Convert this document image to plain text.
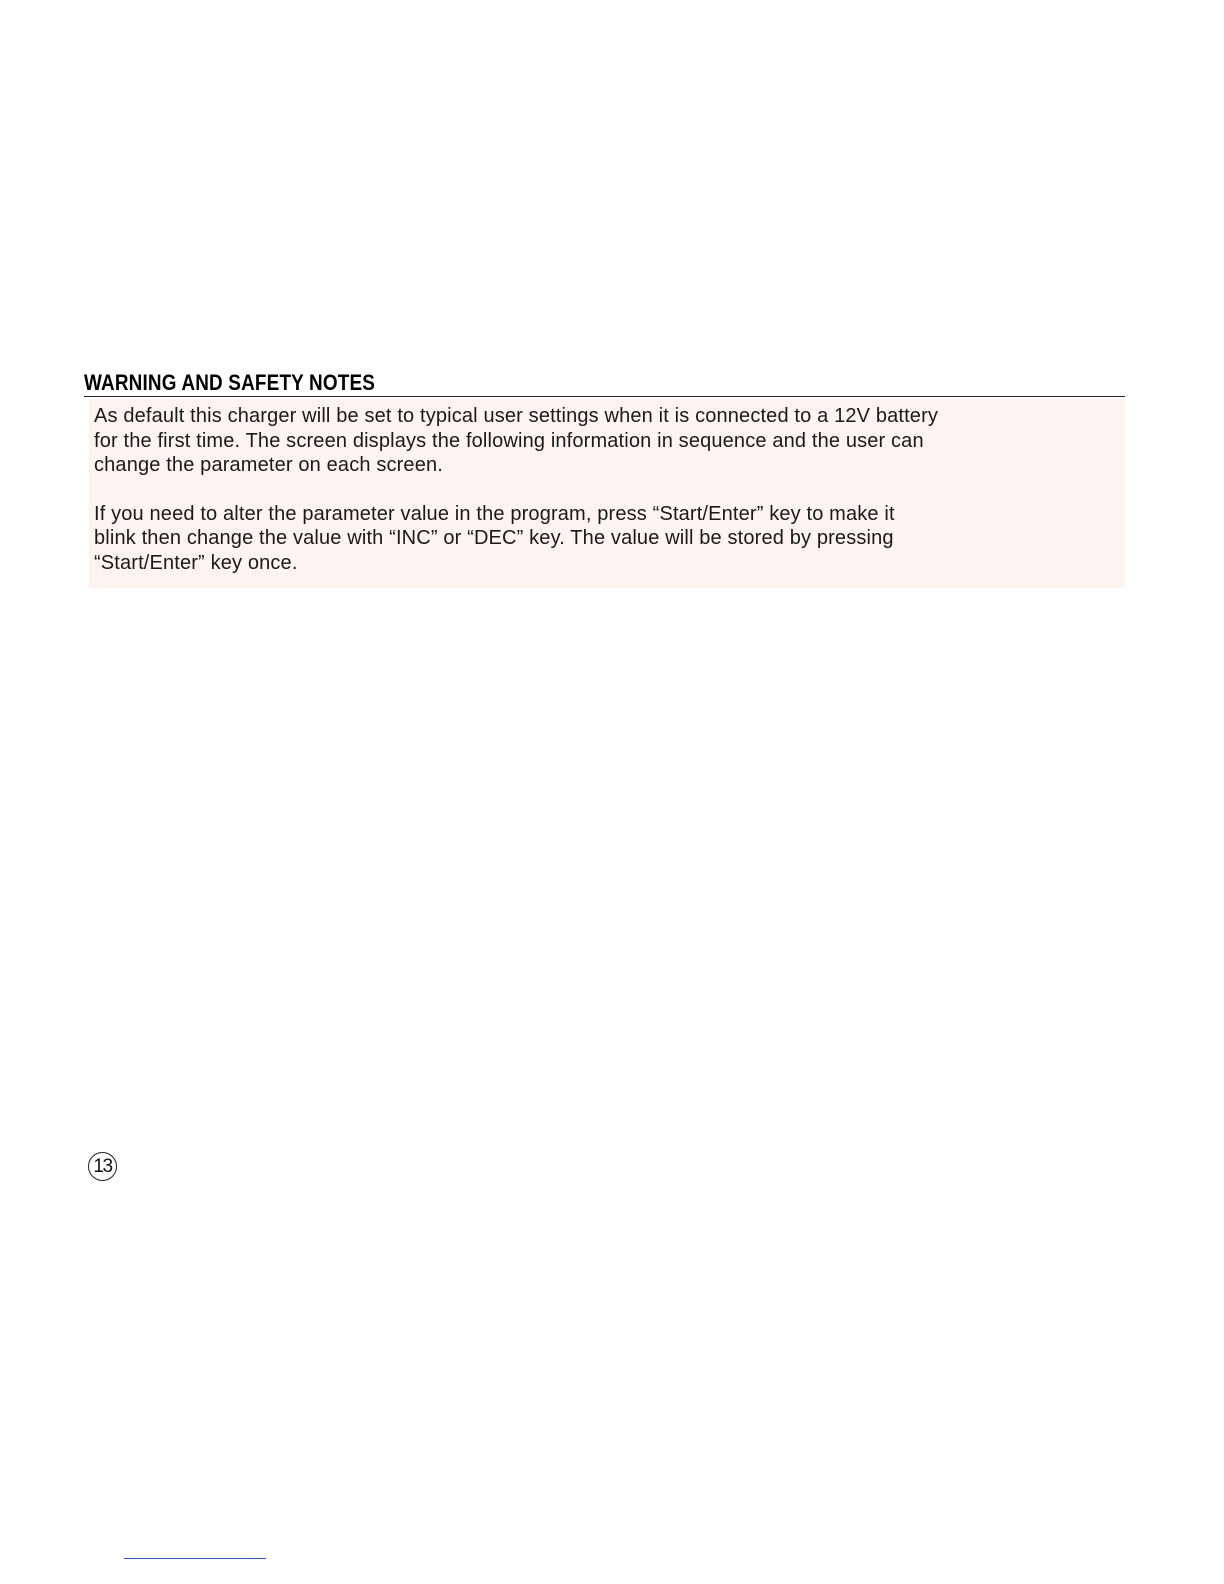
WARNING AND SAFETY NOTES

As default this charger will be set to typical user settings when it is connected to a 12V battery
for the first time. The screen displays the following information in sequence and the user can
change the parameter on each screen.

If you need to alter the parameter value in the program, press “Start/Enter” key to make it
blink then change the value with “INC” or “DEC” key. The value will be stored by pressing
“Start/Enter” key once.

13
